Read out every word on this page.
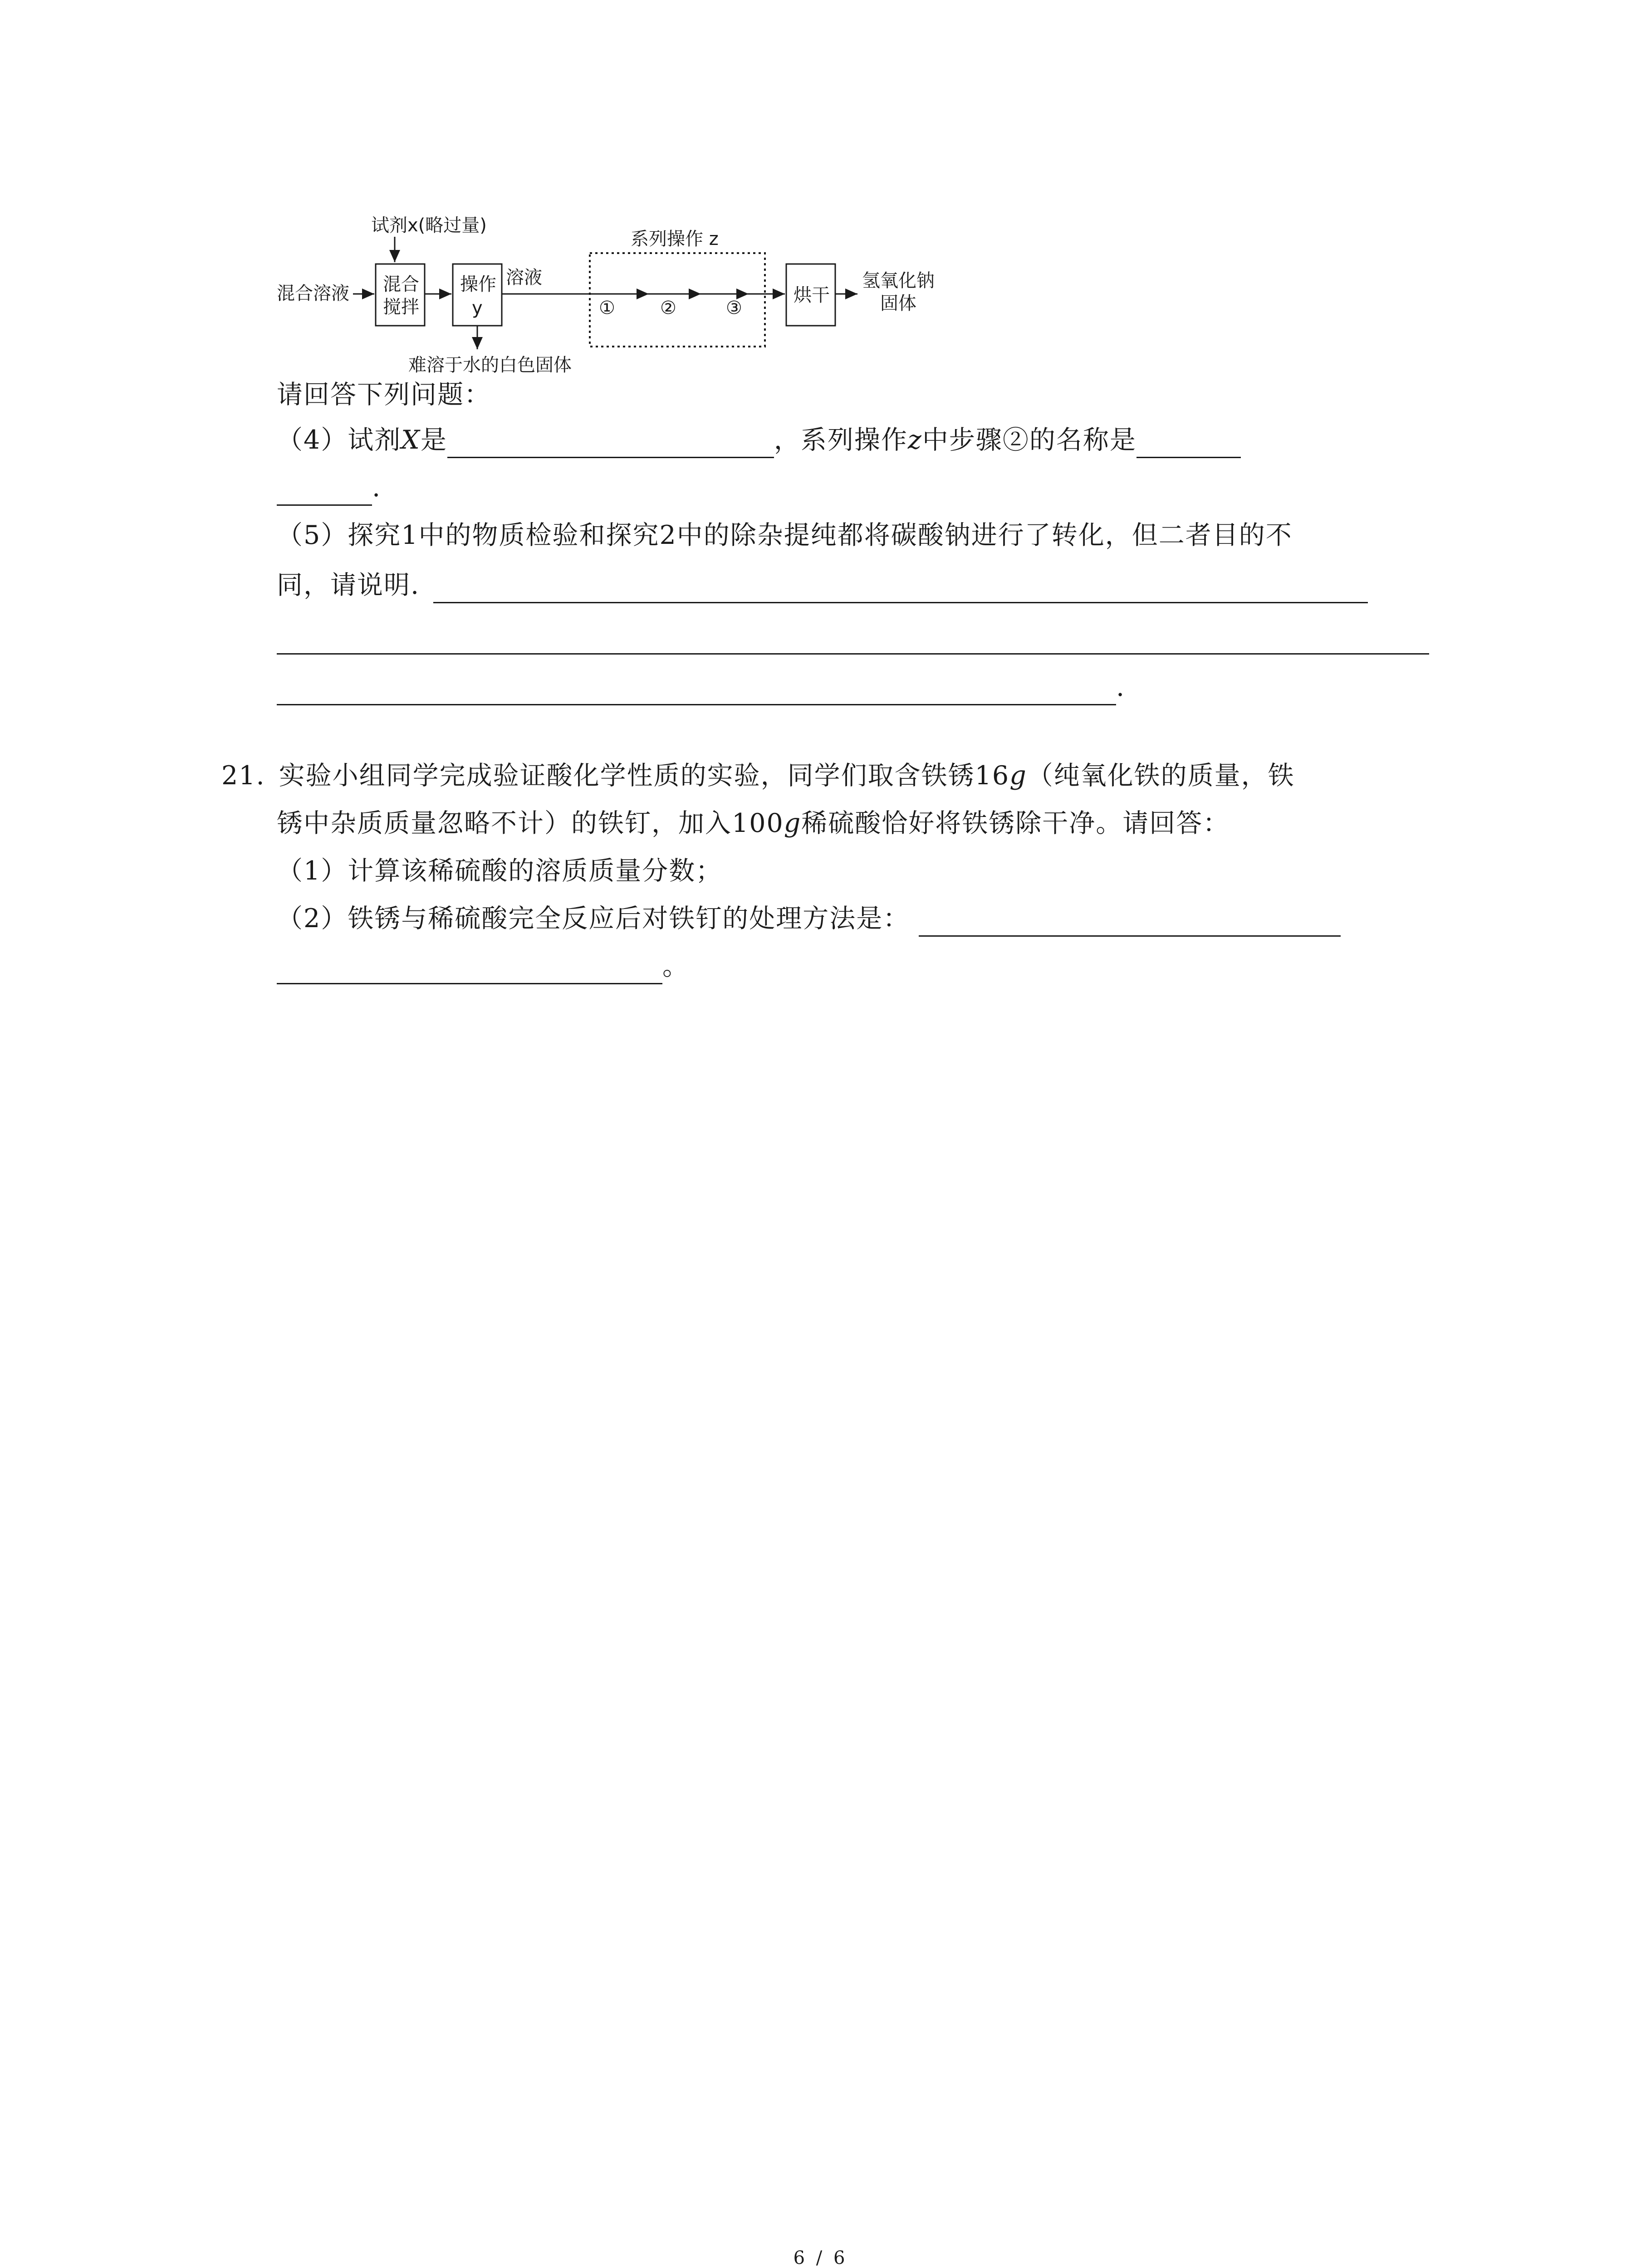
试剂x(略过量)
混合溶液 混合
搅拌
操作
y
难溶于水的白色固体
溶液
系列操作 z
① ②	③
烘干
氢氧化钠
固体
请回答下列问题：
（4）试剂X是	，系列操作z中步骤②的名称是
.
（5）探究1中的物质检验和探究2中的除杂提纯都将碳酸钠进行了转化，但二者目的不
同，请说明.
.
21. 实验小组同学完成验证酸化学性质的实验，同学们取含铁锈16g（纯氧化铁的质量，铁
锈中杂质质量忽略不计）的铁钉，加入100g稀硫酸恰好将铁锈除干净。请回答：
（1）计算该稀硫酸的溶质质量分数；
（2）铁锈与稀硫酸完全反应后对铁钉的处理方法是：
。
6 / 6
